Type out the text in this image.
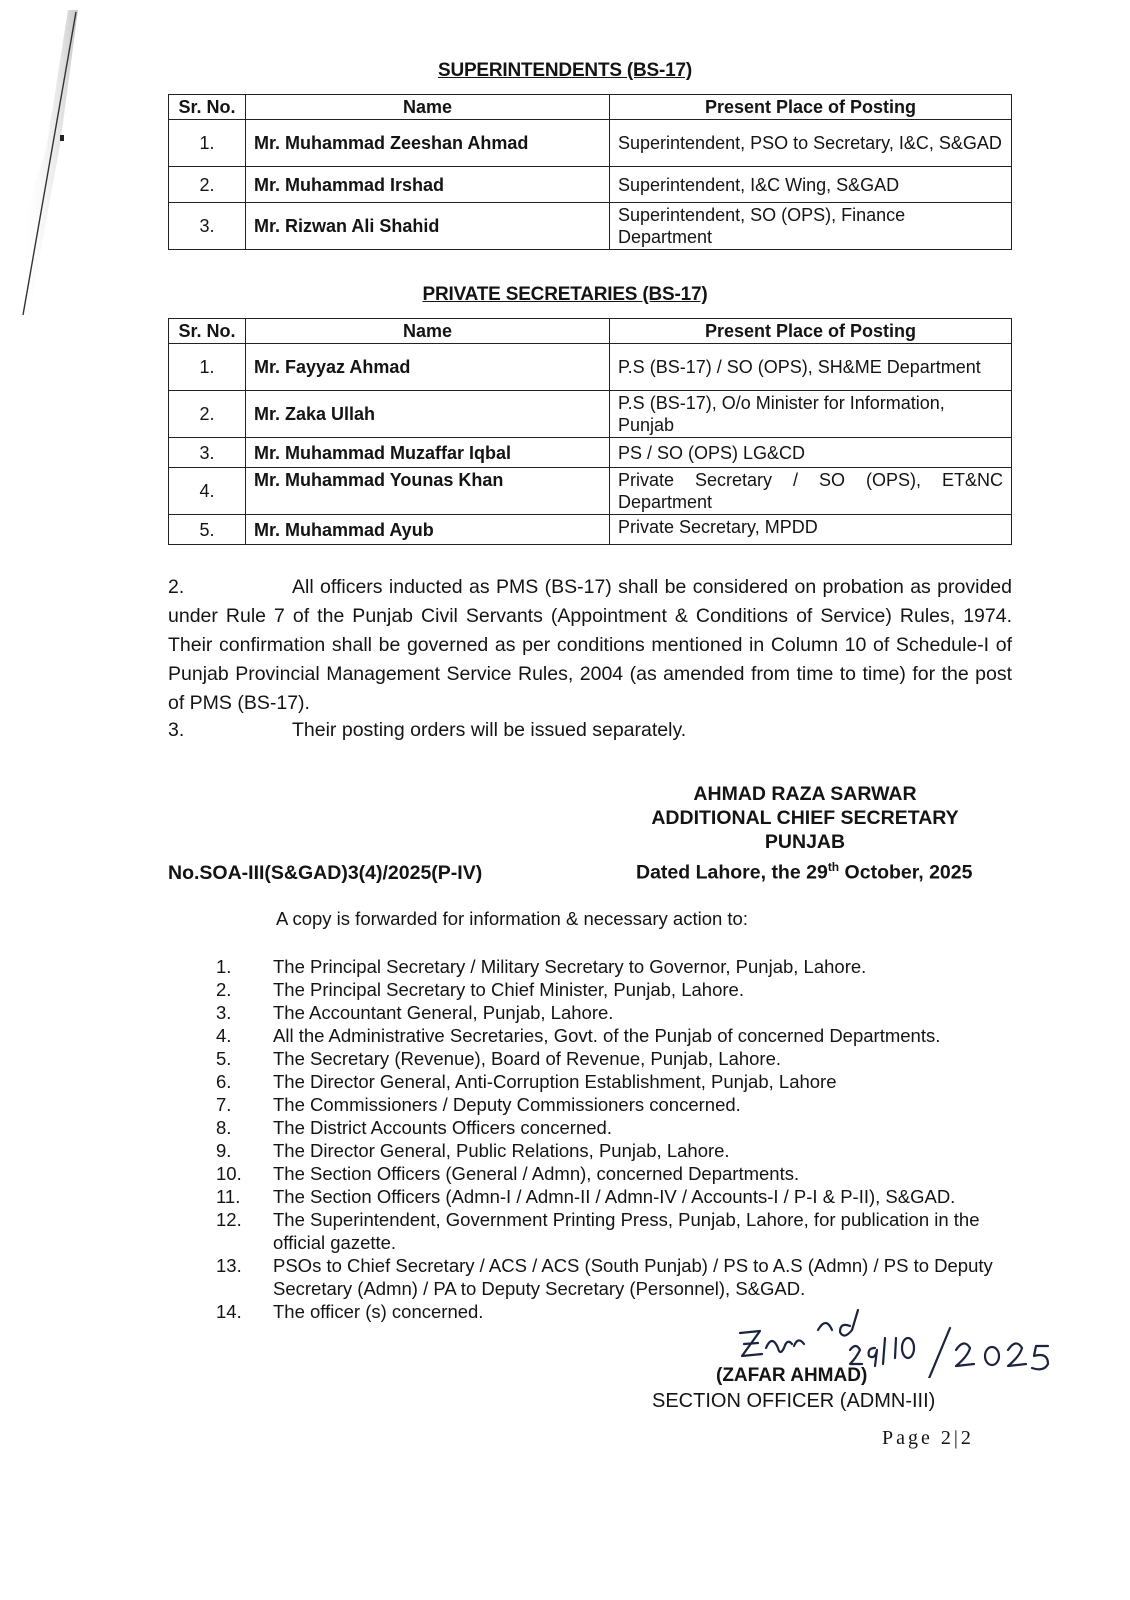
SUPERINTENDENTS (BS-17)
Sr. No.	Name	Present Place of Posting
1.	Mr. Muhammad Zeeshan Ahmad	Superintendent, PSO to Secretary, I&C, S&GAD
2.	Mr. Muhammad Irshad	Superintendent, I&C Wing, S&GAD
3.	Mr. Rizwan Ali Shahid	Superintendent, SO (OPS), Finance Department
PRIVATE SECRETARIES (BS-17)
Sr. No.	Name	Present Place of Posting
1.	Mr. Fayyaz Ahmad	P.S (BS-17) / SO (OPS), SH&ME Department
2.	Mr. Zaka Ullah	P.S (BS-17), O/o Minister for Information, Punjab
3.	Mr. Muhammad Muzaffar Iqbal	PS / SO (OPS) LG&CD
4.	Mr. Muhammad Younas Khan	Private Secretary / SO (OPS), ET&NC Department
5.	Mr. Muhammad Ayub	Private Secretary, MPDD
2.	All officers inducted as PMS (BS-17) shall be considered on probation as provided under Rule 7 of the Punjab Civil Servants (Appointment & Conditions of Service) Rules, 1974. Their confirmation shall be governed as per conditions mentioned in Column 10 of Schedule-I of Punjab Provincial Management Service Rules, 2004 (as amended from time to time) for the post of PMS (BS-17).
3.	Their posting orders will be issued separately.
AHMAD RAZA SARWAR
ADDITIONAL CHIEF SECRETARY
PUNJAB
No.SOA-III(S&GAD)3(4)/2025(P-IV)	Dated Lahore, the 29th October, 2025
A copy is forwarded for information & necessary action to:
1.	The Principal Secretary / Military Secretary to Governor, Punjab, Lahore.
2.	The Principal Secretary to Chief Minister, Punjab, Lahore.
3.	The Accountant General, Punjab, Lahore.
4.	All the Administrative Secretaries, Govt. of the Punjab of concerned Departments.
5.	The Secretary (Revenue), Board of Revenue, Punjab, Lahore.
6.	The Director General, Anti-Corruption Establishment, Punjab, Lahore
7.	The Commissioners / Deputy Commissioners concerned.
8.	The District Accounts Officers concerned.
9.	The Director General, Public Relations, Punjab, Lahore.
10.	The Section Officers (General / Admn), concerned Departments.
11.	The Section Officers (Admn-I / Admn-II / Admn-IV / Accounts-I / P-I & P-II), S&GAD.
12.	The Superintendent, Government Printing Press, Punjab, Lahore, for publication in the official gazette.
13.	PSOs to Chief Secretary / ACS / ACS (South Punjab) / PS to A.S (Admn) / PS to Deputy Secretary (Admn) / PA to Deputy Secretary (Personnel), S&GAD.
14.	The officer (s) concerned.
(ZAFAR AHMAD)
SECTION OFFICER (ADMN-III)
Page 2|2
